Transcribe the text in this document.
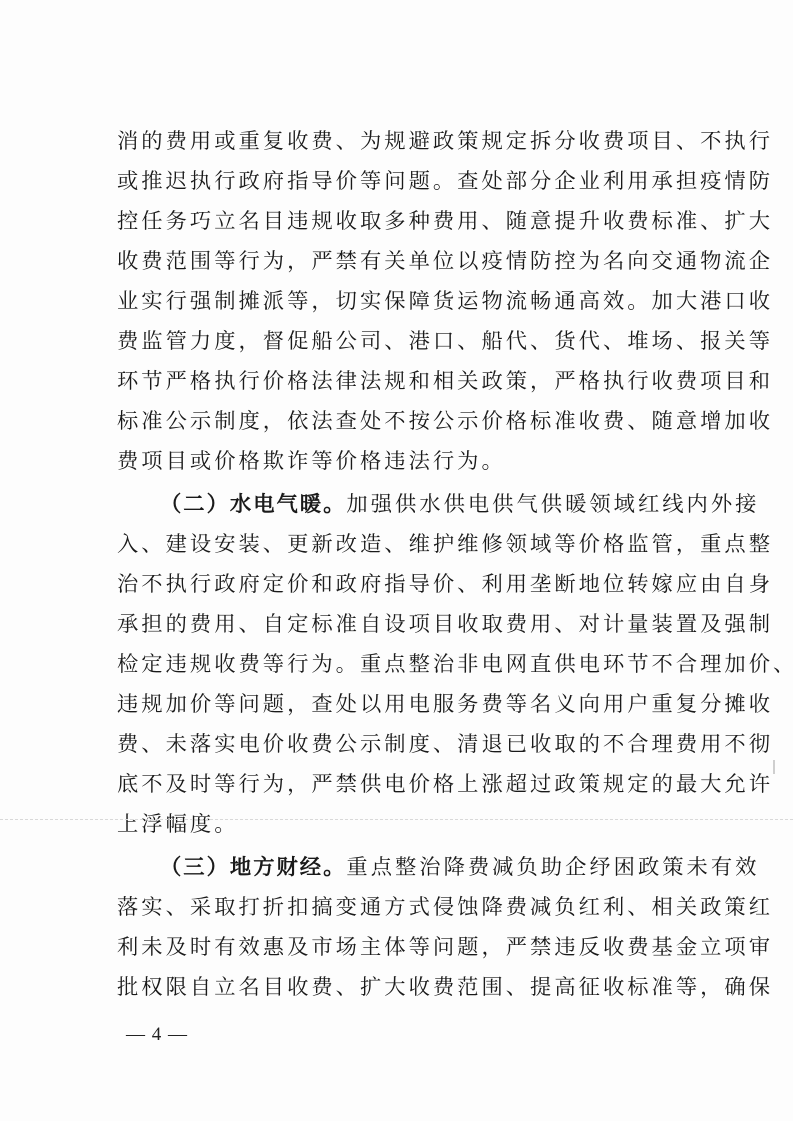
消的费用或重复收费、为规避政策规定拆分收费项目、不执行
或推迟执行政府指导价等问题。查处部分企业利用承担疫情防
控任务巧立名目违规收取多种费用、随意提升收费标准、扩大
收费范围等行为，严禁有关单位以疫情防控为名向交通物流企
业实行强制摊派等，切实保障货运物流畅通高效。加大港口收
费监管力度，督促船公司、港口、船代、货代、堆场、报关等
环节严格执行价格法律法规和相关政策，严格执行收费项目和
标准公示制度，依法查处不按公示价格标准收费、随意增加收
费项目或价格欺诈等价格违法行为。
（二）水电气暖。加强供水供电供气供暖领域红线内外接
入、建设安装、更新改造、维护维修领域等价格监管，重点整
治不执行政府定价和政府指导价、利用垄断地位转嫁应由自身
承担的费用、自定标准自设项目收取费用、对计量装置及强制
检定违规收费等行为。重点整治非电网直供电环节不合理加价、
违规加价等问题，查处以用电服务费等名义向用户重复分摊收
费、未落实电价收费公示制度、清退已收取的不合理费用不彻
底不及时等行为，严禁供电价格上涨超过政策规定的最大允许
上浮幅度。
（三）地方财经。重点整治降费减负助企纾困政策未有效
落实、采取打折扣搞变通方式侵蚀降费减负红利、相关政策红
利未及时有效惠及市场主体等问题，严禁违反收费基金立项审
批权限自立名目收费、扩大收费范围、提高征收标准等，确保
— 4 —
